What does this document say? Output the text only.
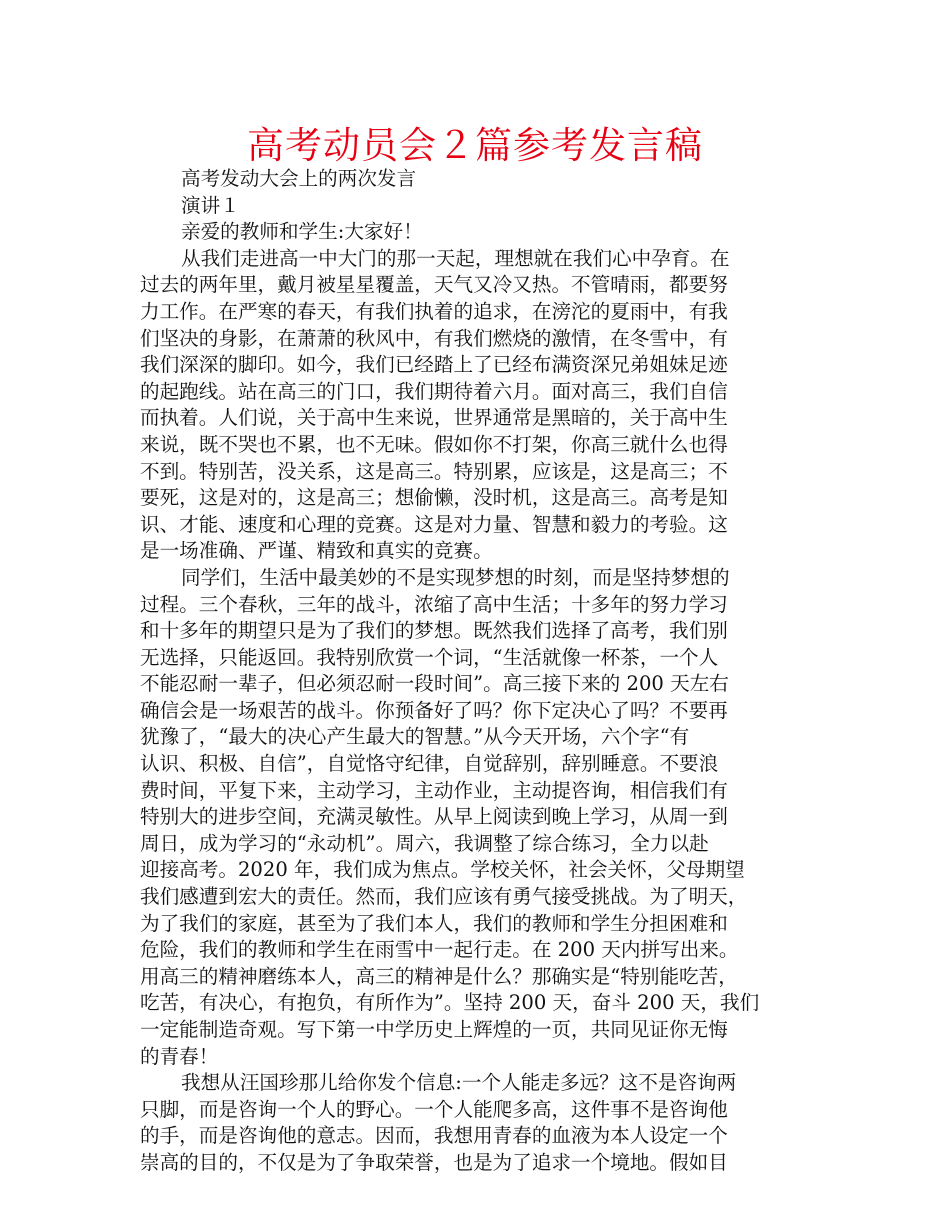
高考动员会２篇参考发言稿
高考发动大会上的两次发言
演讲１
亲爱的教师和学生:大家好！
从我们走进高一中大门的那一天起，理想就在我们心中孕育。在
过去的两年里，戴月被星星覆盖，天气又冷又热。不管晴雨，都要努
力工作。在严寒的春天，有我们执着的追求，在滂沱的夏雨中，有我
们坚决的身影，在萧萧的秋风中，有我们燃烧的激情，在冬雪中，有
我们深深的脚印。如今，我们已经踏上了已经布满资深兄弟姐妹足迹
的起跑线。站在高三的门口，我们期待着六月。面对高三，我们自信
而执着。人们说，关于高中生来说，世界通常是黑暗的，关于高中生
来说，既不哭也不累，也不无味。假如你不打架，你高三就什么也得
不到。特别苦，没关系，这是高三。特别累，应该是，这是高三；不
要死，这是对的，这是高三；想偷懒，没时机，这是高三。高考是知
识、才能、速度和心理的竞赛。这是对力量、智慧和毅力的考验。这
是一场准确、严谨、精致和真实的竞赛。
同学们，生活中最美妙的不是实现梦想的时刻，而是坚持梦想的
过程。三个春秋，三年的战斗，浓缩了高中生活；十多年的努力学习
和十多年的期望只是为了我们的梦想。既然我们选择了高考，我们别
无选择，只能返回。我特别欣赏一个词，“生活就像一杯茶，一个人
不能忍耐一辈子，但必须忍耐一段时间”。高三接下来的 200 天左右
确信会是一场艰苦的战斗。你预备好了吗？你下定决心了吗？不要再
犹豫了，“最大的决心产生最大的智慧。”从今天开场，六个字“有
认识、积极、自信”，自觉恪守纪律，自觉辞别，辞别睡意。不要浪
费时间，平复下来，主动学习，主动作业，主动提咨询，相信我们有
特别大的进步空间，充满灵敏性。从早上阅读到晚上学习，从周一到
周日，成为学习的“永动机”。周六，我调整了综合练习，全力以赴
迎接高考。2020 年，我们成为焦点。学校关怀，社会关怀，父母期望
我们感遭到宏大的责任。然而，我们应该有勇气接受挑战。为了明天，
为了我们的家庭，甚至为了我们本人，我们的教师和学生分担困难和
危险，我们的教师和学生在雨雪中一起行走。在 200 天内拼写出来。
用高三的精神磨练本人，高三的精神是什么？那确实是“特别能吃苦，
吃苦，有决心，有抱负，有所作为”。坚持 200 天，奋斗 200 天，我们
一定能制造奇观。写下第一中学历史上辉煌的一页，共同见证你无悔
的青春！
我想从汪国珍那儿给你发个信息:一个人能走多远？这不是咨询两
只脚，而是咨询一个人的野心。一个人能爬多高，这件事不是咨询他
的手，而是咨询他的意志。因而，我想用青春的血液为本人设定一个
崇高的目的，不仅是为了争取荣誉，也是为了追求一个境地。假如目
